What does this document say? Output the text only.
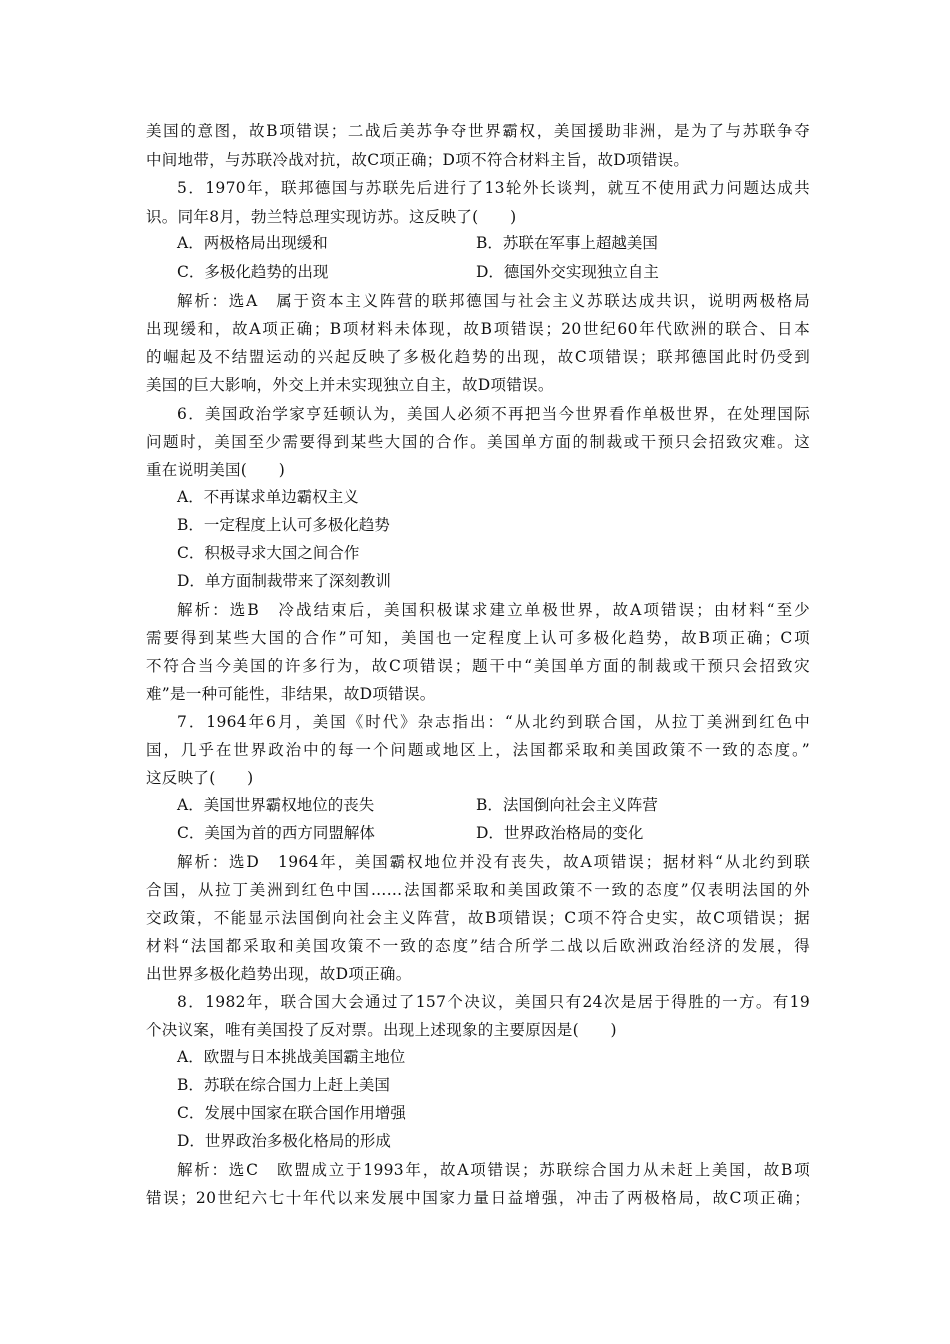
美国的意图，故B项错误；二战后美苏争夺世界霸权，美国援助非洲，是为了与苏联争夺
中间地带，与苏联冷战对抗，故C项正确；D项不符合材料主旨，故D项错误。
5．1970年，联邦德国与苏联先后进行了13轮外长谈判，就互不使用武力问题达成共
识。同年8月，勃兰特总理实现访苏。这反映了(　　)
A．两极格局出现缓和	B．苏联在军事上超越美国
C．多极化趋势的出现	D．德国外交实现独立自主
解析：选A　属于资本主义阵营的联邦德国与社会主义苏联达成共识，说明两极格局
出现缓和，故A项正确；B项材料未体现，故B项错误；20世纪60年代欧洲的联合、日本
的崛起及不结盟运动的兴起反映了多极化趋势的出现，故C项错误；联邦德国此时仍受到
美国的巨大影响，外交上并未实现独立自主，故D项错误。
6．美国政治学家亨廷顿认为，美国人必须不再把当今世界看作单极世界，在处理国际
问题时，美国至少需要得到某些大国的合作。美国单方面的制裁或干预只会招致灾难。这
重在说明美国(　　)
A．不再谋求单边霸权主义
B．一定程度上认可多极化趋势
C．积极寻求大国之间合作
D．单方面制裁带来了深刻教训
解析：选B　冷战结束后，美国积极谋求建立单极世界，故A项错误；由材料“至少
需要得到某些大国的合作”可知，美国也一定程度上认可多极化趋势，故B项正确；C项
不符合当今美国的许多行为，故C项错误；题干中“美国单方面的制裁或干预只会招致灾
难”是一种可能性，非结果，故D项错误。
7．1964年6月，美国《时代》杂志指出：“从北约到联合国，从拉丁美洲到红色中
国，几乎在世界政治中的每一个问题或地区上，法国都采取和美国政策不一致的态度。”
这反映了(　　)
A．美国世界霸权地位的丧失	B．法国倒向社会主义阵营
C．美国为首的西方同盟解体	D．世界政治格局的变化
解析：选D　1964年，美国霸权地位并没有丧失，故A项错误；据材料“从北约到联
合国，从拉丁美洲到红色中国……法国都采取和美国政策不一致的态度”仅表明法国的外
交政策，不能显示法国倒向社会主义阵营，故B项错误；C项不符合史实，故C项错误；据
材料“法国都采取和美国攻策不一致的态度”结合所学二战以后欧洲政治经济的发展，得
出世界多极化趋势出现，故D项正确。
8．1982年，联合国大会通过了157个决议，美国只有24次是居于得胜的一方。有19
个决议案，唯有美国投了反对票。出现上述现象的主要原因是(　　)
A．欧盟与日本挑战美国霸主地位
B．苏联在综合国力上赶上美国
C．发展中国家在联合国作用增强
D．世界政治多极化格局的形成
解析：选C　欧盟成立于1993年，故A项错误；苏联综合国力从未赶上美国，故B项
错误；20世纪六七十年代以来发展中国家力量日益增强，冲击了两极格局，故C项正确；
